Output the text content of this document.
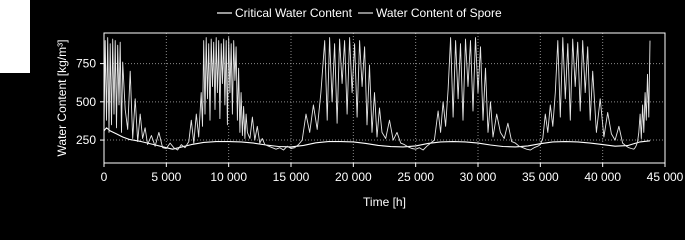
Critical Water Content Water Content of Spore
0	5 000 10 000 15 000 20 000 25 000 30 000 35 000 40 000 45 000
250
500
750
Time [h]
Water Content [kg/m³]
